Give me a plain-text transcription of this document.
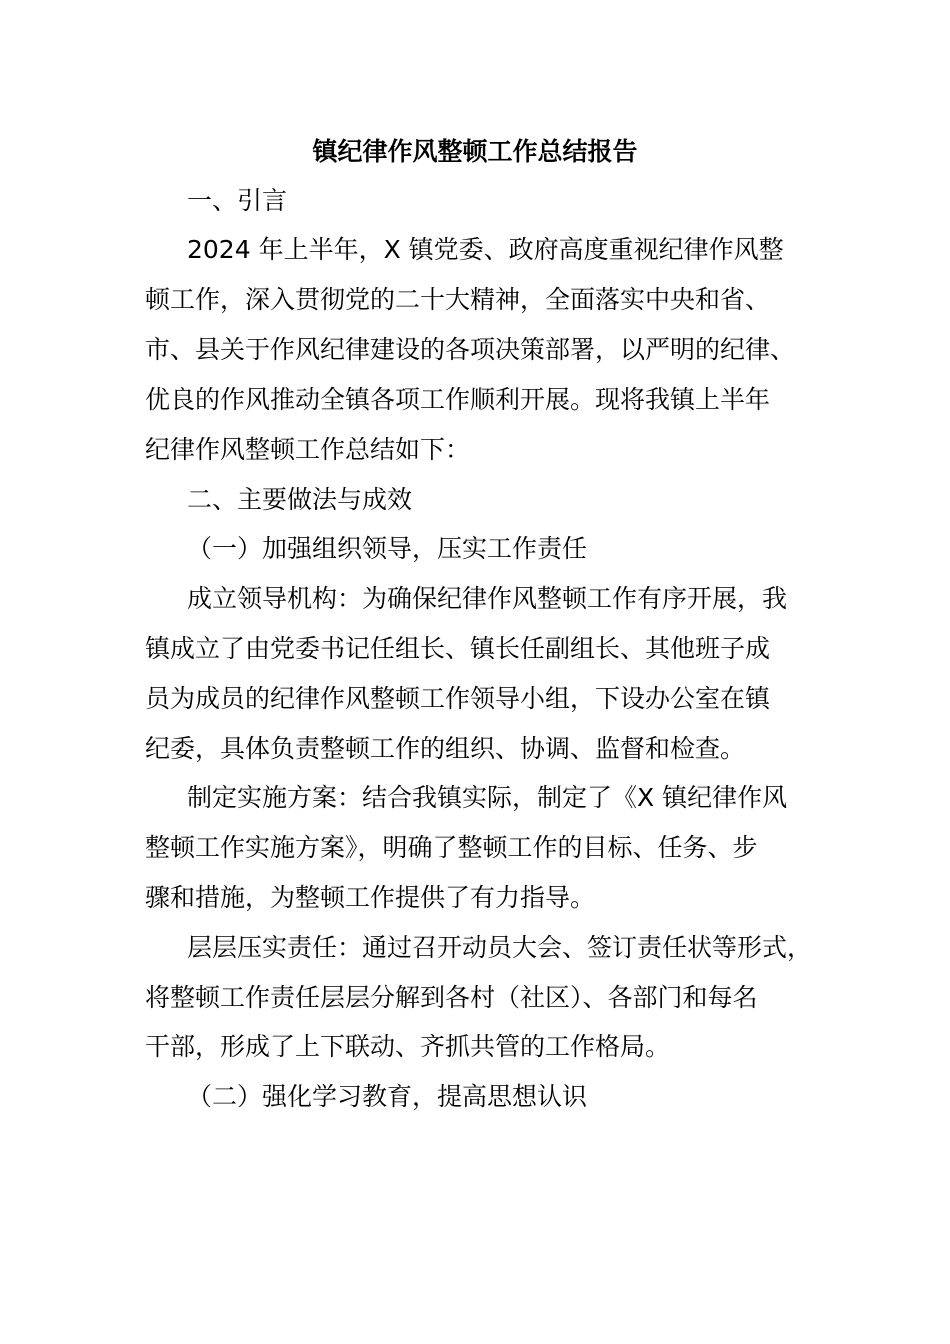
镇纪律作风整顿工作总结报告
一、引言
2024 年上半年，X 镇党委、政府高度重视纪律作风整
顿工作，深入贯彻党的二十大精神，全面落实中央和省、
市、县关于作风纪律建设的各项决策部署，以严明的纪律、
优良的作风推动全镇各项工作顺利开展。现将我镇上半年
纪律作风整顿工作总结如下：
二、主要做法与成效
（一）加强组织领导，压实工作责任
成立领导机构：为确保纪律作风整顿工作有序开展，我
镇成立了由党委书记任组长、镇长任副组长、其他班子成
员为成员的纪律作风整顿工作领导小组，下设办公室在镇
纪委，具体负责整顿工作的组织、协调、监督和检查。
制定实施方案：结合我镇实际，制定了《X 镇纪律作风
整顿工作实施方案》，明确了整顿工作的目标、任务、步
骤和措施，为整顿工作提供了有力指导。
层层压实责任：通过召开动员大会、签订责任状等形式，
将整顿工作责任层层分解到各村（社区）、各部门和每名
干部，形成了上下联动、齐抓共管的工作格局。
（二）强化学习教育，提高思想认识
